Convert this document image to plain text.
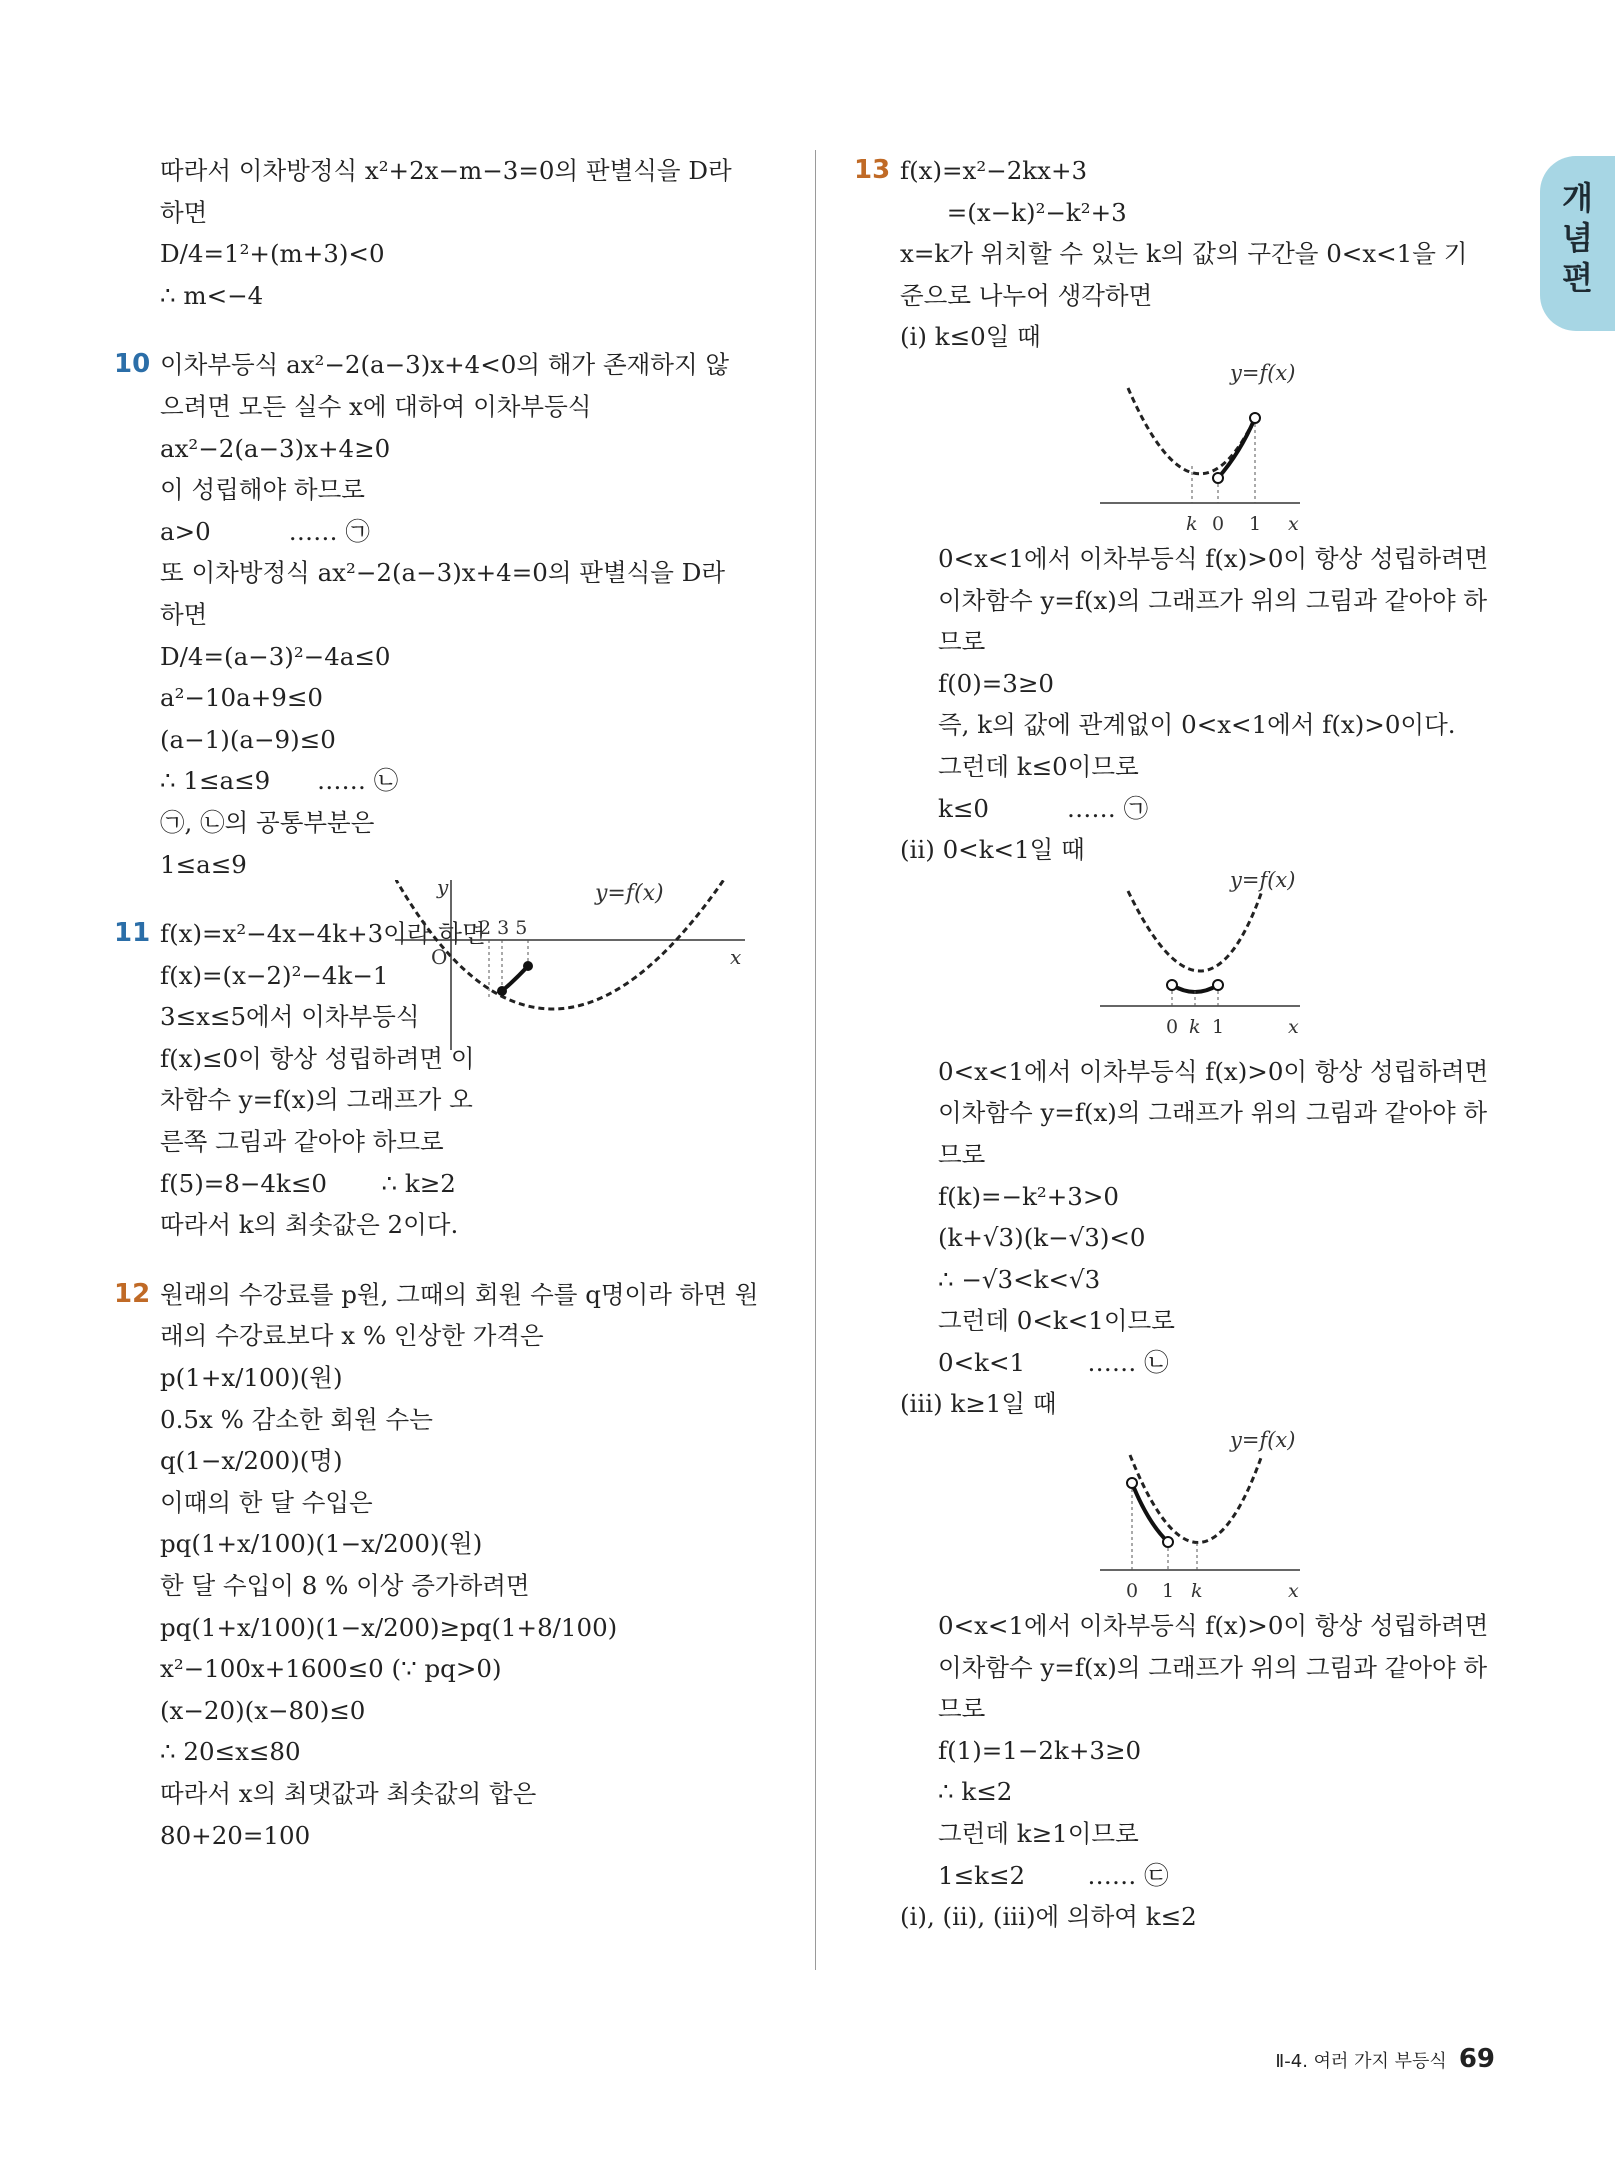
개
념
편
따라서 이차방정식 x²+2x−m−3=0의 판별식을 D라
하면
D/4=1²+(m+3)<0
∴ m<−4
10 이차부등식 ax²−2(a−3)x+4<0의 해가 존재하지 않
으려면 모든 실수 x에 대하여 이차부등식
ax²−2(a−3)x+4≥0
이 성립해야 하므로
a>0          …… ㉠
또 이차방정식 ax²−2(a−3)x+4=0의 판별식을 D라
하면
D/4=(a−3)²−4a≤0
a²−10a+9≤0
(a−1)(a−9)≤0
∴ 1≤a≤9      …… ㉡
㉠, ㉡의 공통부분은
1≤a≤9
11 f(x)=x²−4x−4k+3이라 하면
f(x)=(x−2)²−4k−1
3≤x≤5에서 이차부등식
f(x)≤0이 항상 성립하려면 이
차함수 y=f(x)의 그래프가 오
른쪽 그림과 같아야 하므로
f(5)=8−4k≤0       ∴ k≥2
따라서 k의 최솟값은 2이다.
12 원래의 수강료를 p원, 그때의 회원 수를 q명이라 하면 원
래의 수강료보다 x % 인상한 가격은
p(1+x/100)(원)
0.5x % 감소한 회원 수는
q(1−x/200)(명)
이때의 한 달 수입은
pq(1+x/100)(1−x/200)(원)
한 달 수입이 8 % 이상 증가하려면
pq(1+x/100)(1−x/200)≥pq(1+8/100)
x²−100x+1600≤0 (∵ pq>0)
(x−20)(x−80)≤0
∴ 20≤x≤80
따라서 x의 최댓값과 최솟값의 합은
80+20=100
13 f(x)=x²−2kx+3
=(x−k)²−k²+3
x=k가 위치할 수 있는 k의 값의 구간을 0<x<1을 기
준으로 나누어 생각하면
(i) k≤0일 때
y=f(x)
k 0 1 x
0<x<1에서 이차부등식 f(x)>0이 항상 성립하려면
이차함수 y=f(x)의 그래프가 위의 그림과 같아야 하
므로
f(0)=3≥0
즉, k의 값에 관계없이 0<x<1에서 f(x)>0이다.
그런데 k≤0이므로
k≤0          …… ㉠
(ii) 0<k<1일 때
y=f(x)
0 k 1	x
0<x<1에서 이차부등식 f(x)>0이 항상 성립하려면
이차함수 y=f(x)의 그래프가 위의 그림과 같아야 하
므로
f(k)=−k²+3>0
(k+√3)(k−√3)<0
∴ −√3<k<√3
그런데 0<k<1이므로
0<k<1        …… ㉡
(iii) k≥1일 때
y=f(x)
0 1 k	x
0<x<1에서 이차부등식 f(x)>0이 항상 성립하려면
이차함수 y=f(x)의 그래프가 위의 그림과 같아야 하
므로
f(1)=1−2k+3≥0
∴ k≤2
그런데 k≥1이므로
1≤k≤2        …… ㉢
(i), (ii), (iii)에 의하여 k≤2
y	y=f(x)
O
2 3 5
x
Ⅱ-4. 여러 가지 부등식 69
